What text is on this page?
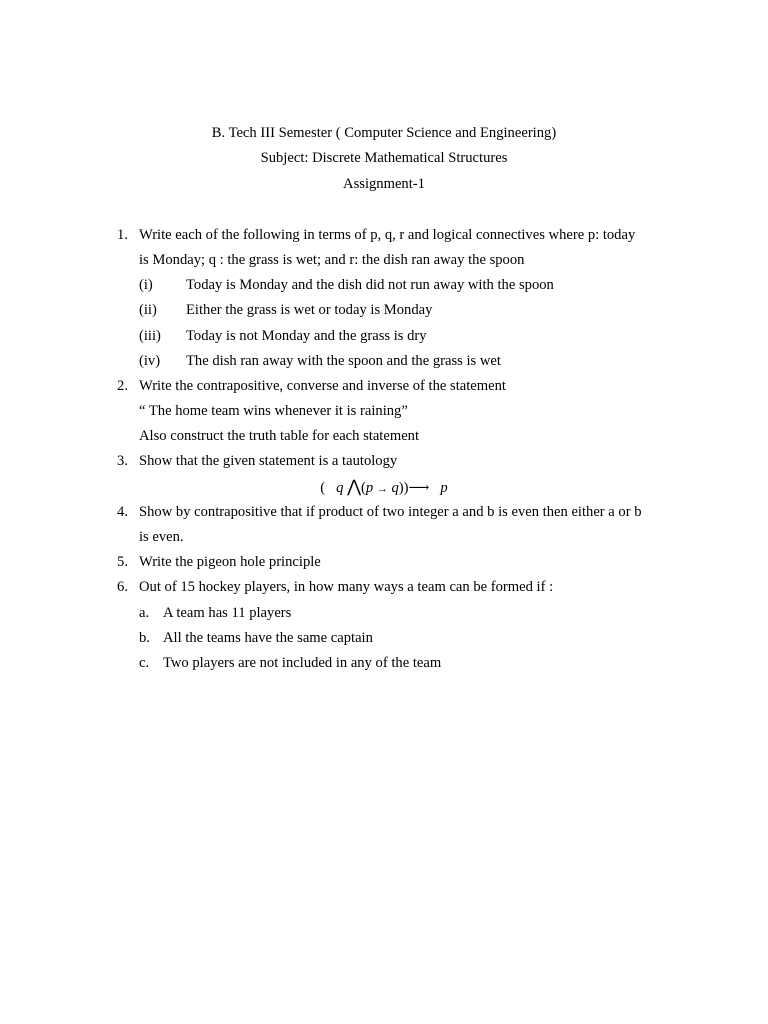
B. Tech III Semester ( Computer Science and Engineering)
Subject: Discrete Mathematical Structures
Assignment-1
1. Write each of the following in terms of p, q, r and logical connectives where p: today
is Monday; q : the grass is wet; and r: the dish ran away the spoon
(i) Today is Monday and the dish did not run away with the spoon
(ii) Either the grass is wet or today is Monday
(iii) Today is not Monday and the grass is dry
(iv) The dish ran away with the spoon and the grass is wet
2. Write the contrapositive, converse and inverse of the statement
“ The home team wins whenever it is raining”
Also construct the truth table for each statement
3. Show that the given statement is a tautology
( q ⋀(p → q))⟶ p
4. Show by contrapositive that if product of two integer a and b is even then either a or b
is even.
5. Write the pigeon hole principle
6. Out of 15 hockey players, in how many ways a team can be formed if :
a. A team has 11 players
b. All the teams have the same captain
c. Two players are not included in any of the team
